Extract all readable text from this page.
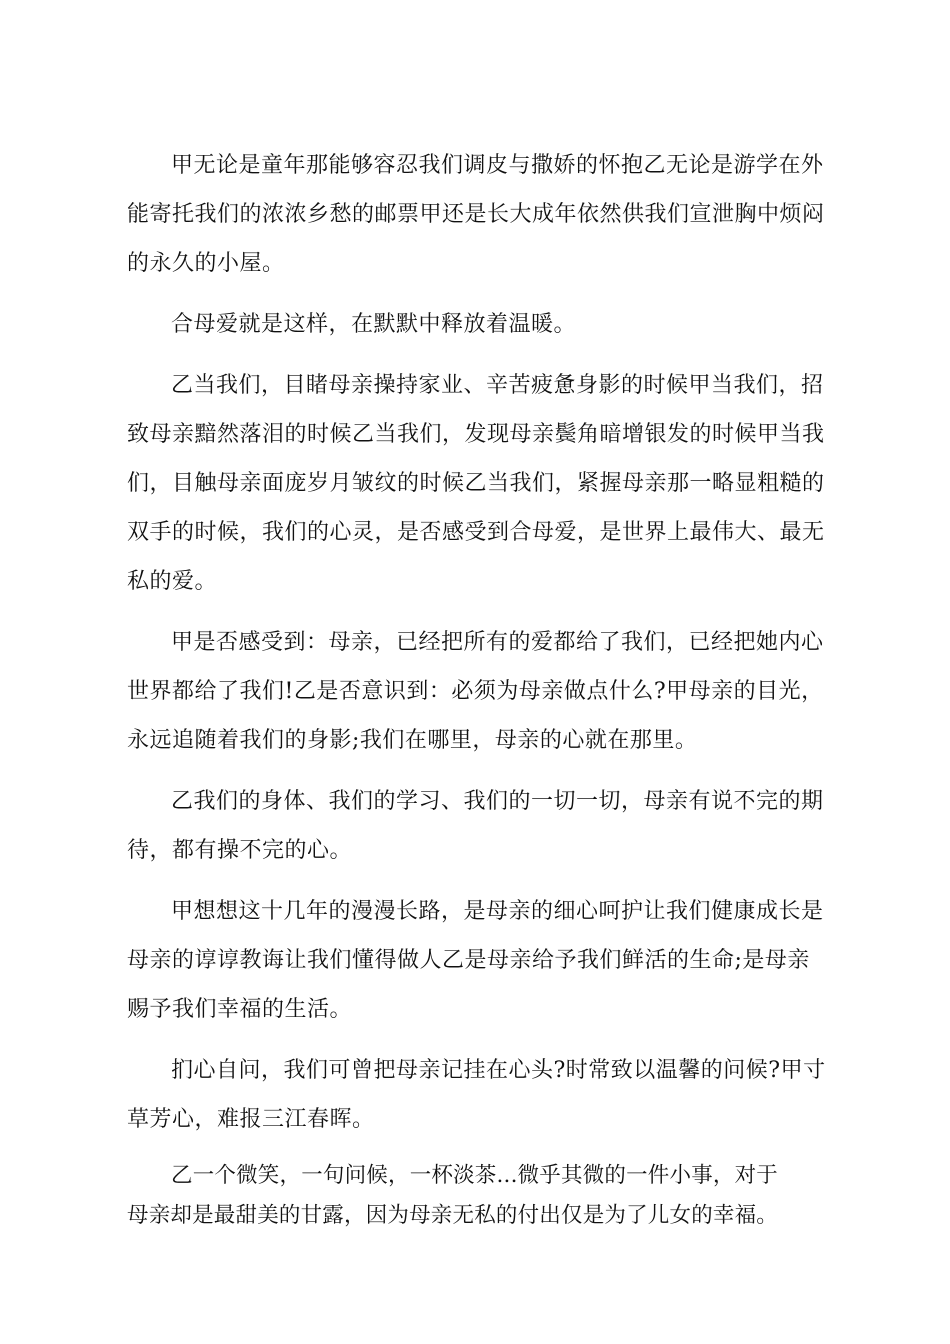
甲无论是童年那能够容忍我们调皮与撒娇的怀抱乙无论是游学在外
能寄托我们的浓浓乡愁的邮票甲还是长大成年依然供我们宣泄胸中烦闷
的永久的小屋。

合母爱就是这样，在默默中释放着温暖。

乙当我们，目睹母亲操持家业、辛苦疲惫身影的时候甲当我们，招
致母亲黯然落泪的时候乙当我们，发现母亲鬓角暗增银发的时候甲当我
们，目触母亲面庞岁月皱纹的时候乙当我们，紧握母亲那一略显粗糙的
双手的时候，我们的心灵，是否感受到合母爱，是世界上最伟大、最无
私的爱。

甲是否感受到：母亲，已经把所有的爱都给了我们，已经把她内心
世界都给了我们!乙是否意识到：必须为母亲做点什么?甲母亲的目光，
永远追随着我们的身影;我们在哪里，母亲的心就在那里。

乙我们的身体、我们的学习、我们的一切一切，母亲有说不完的期
待，都有操不完的心。

甲想想这十几年的漫漫长路，是母亲的细心呵护让我们健康成长是
母亲的谆谆教诲让我们懂得做人乙是母亲给予我们鲜活的生命;是母亲
赐予我们幸福的生活。

扪心自问，我们可曾把母亲记挂在心头?时常致以温馨的问候?甲寸
草芳心，难报三江春晖。

乙一个微笑，一句问候，一杯淡茶...微乎其微的一件小事，对于
母亲却是最甜美的甘露，因为母亲无私的付出仅是为了儿女的幸福。
